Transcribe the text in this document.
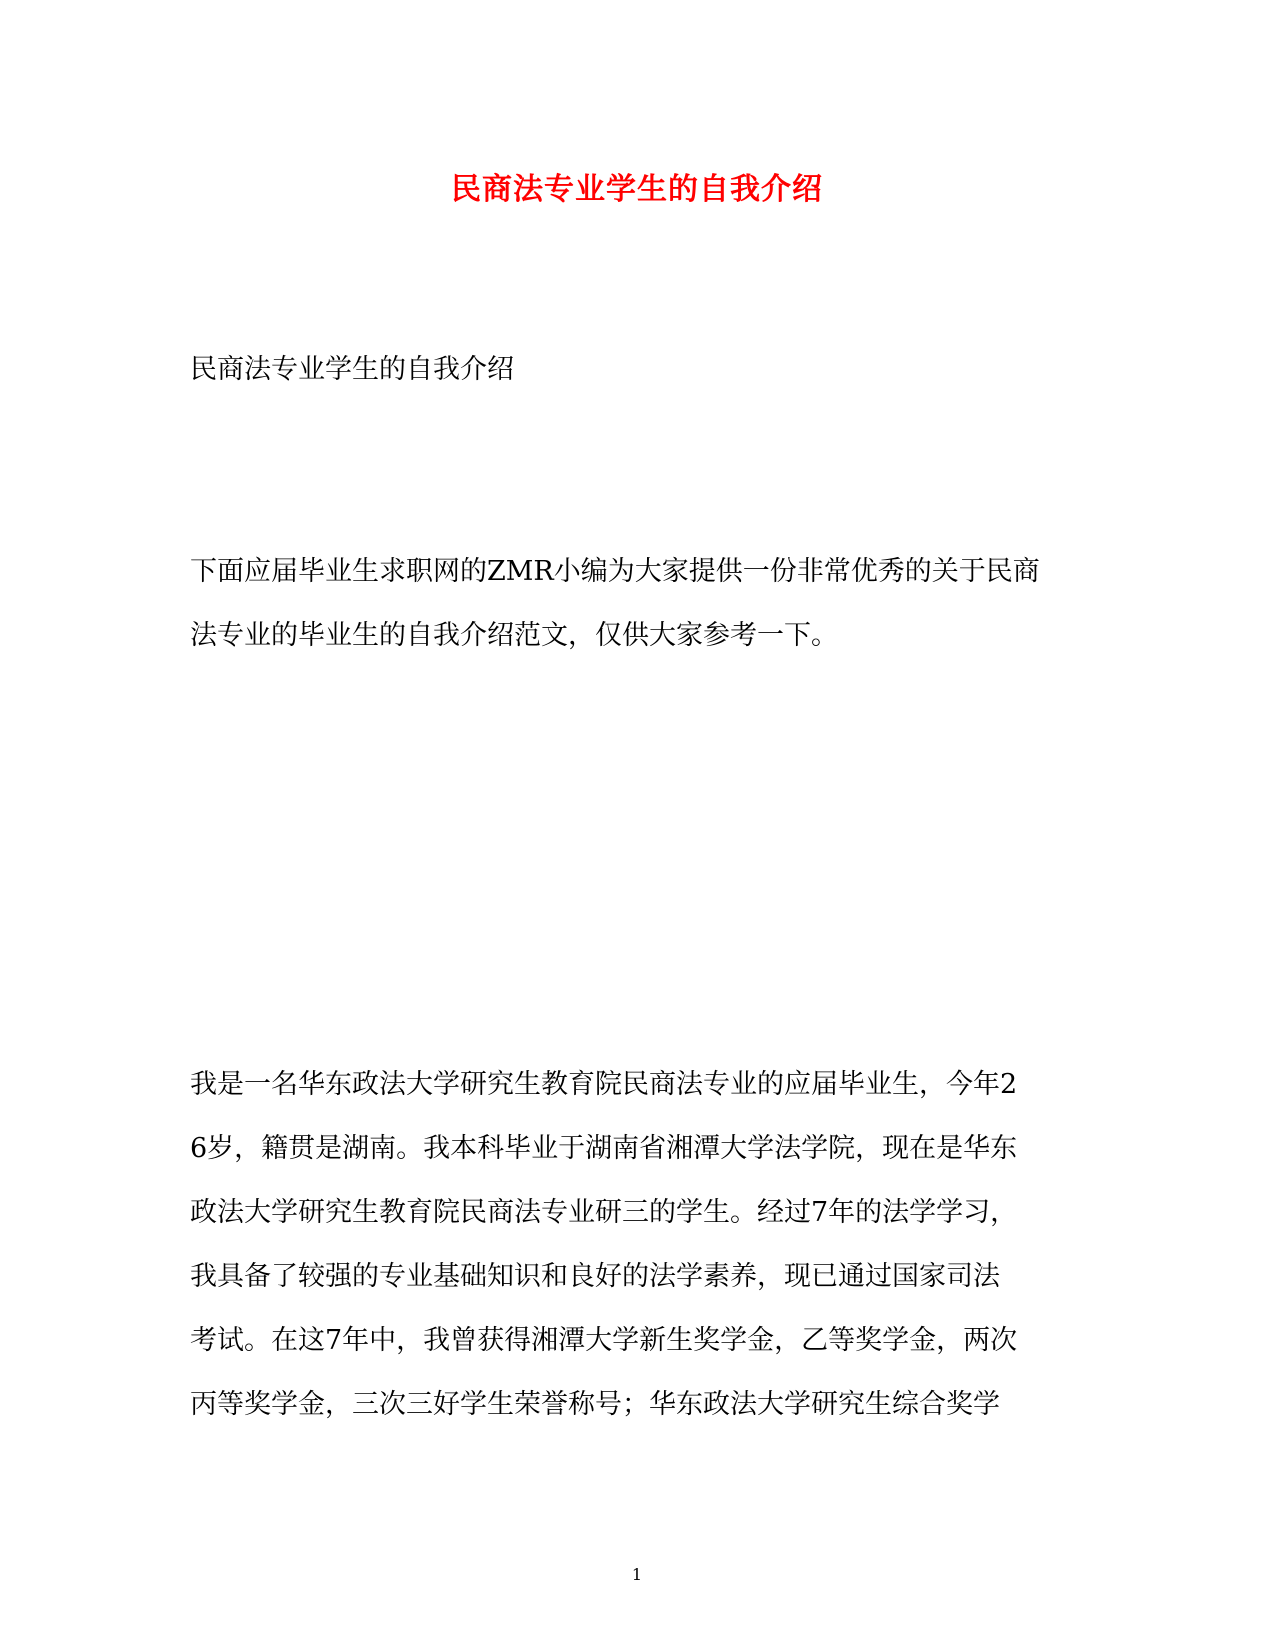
民商法专业学生的自我介绍
民商法专业学生的自我介绍
下面应届毕业生求职网的ZMR小编为大家提供一份非常优秀的关于民商
法专业的毕业生的自我介绍范文，仅供大家参考一下。
我是一名华东政法大学研究生教育院民商法专业的应届毕业生，今年2
6岁，籍贯是湖南。我本科毕业于湖南省湘潭大学法学院，现在是华东
政法大学研究生教育院民商法专业研三的学生。经过7年的法学学习，
我具备了较强的专业基础知识和良好的法学素养，现已通过国家司法
考试。在这7年中，我曾获得湘潭大学新生奖学金，乙等奖学金，两次
丙等奖学金，三次三好学生荣誉称号；华东政法大学研究生综合奖学
1
